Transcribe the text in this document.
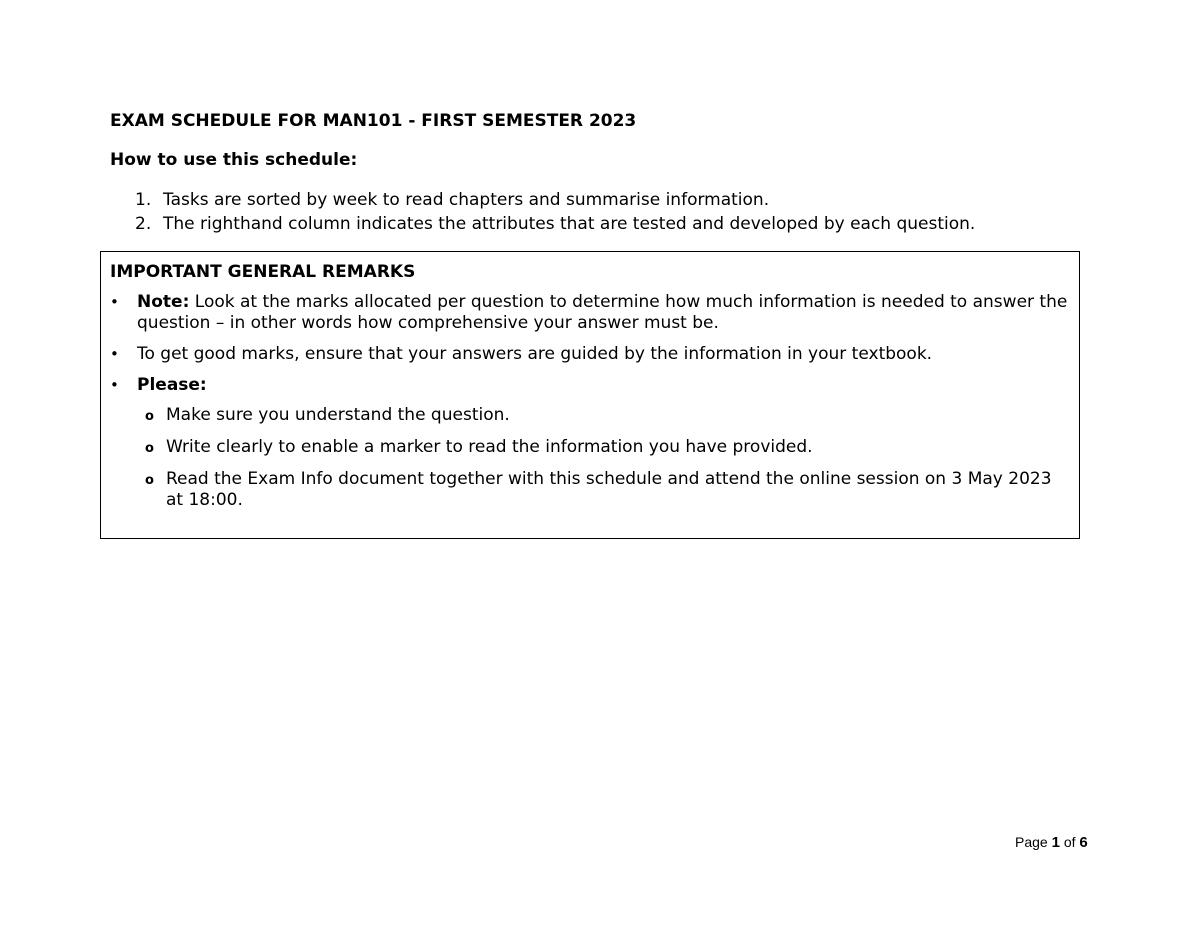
EXAM SCHEDULE FOR MAN101 - FIRST SEMESTER 2023
How to use this schedule:
1. Tasks are sorted by week to read chapters and summarise information.
2. The righthand column indicates the attributes that are tested and developed by each question.
IMPORTANT GENERAL REMARKS
• Note: Look at the marks allocated per question to determine how much information is needed to answer the question – in other words how comprehensive your answer must be.
• To get good marks, ensure that your answers are guided by the information in your textbook.
• Please:
o Make sure you understand the question.
o Write clearly to enable a marker to read the information you have provided.
o Read the Exam Info document together with this schedule and attend the online session on 3 May 2023 at 18:00.
Page 1 of 6
